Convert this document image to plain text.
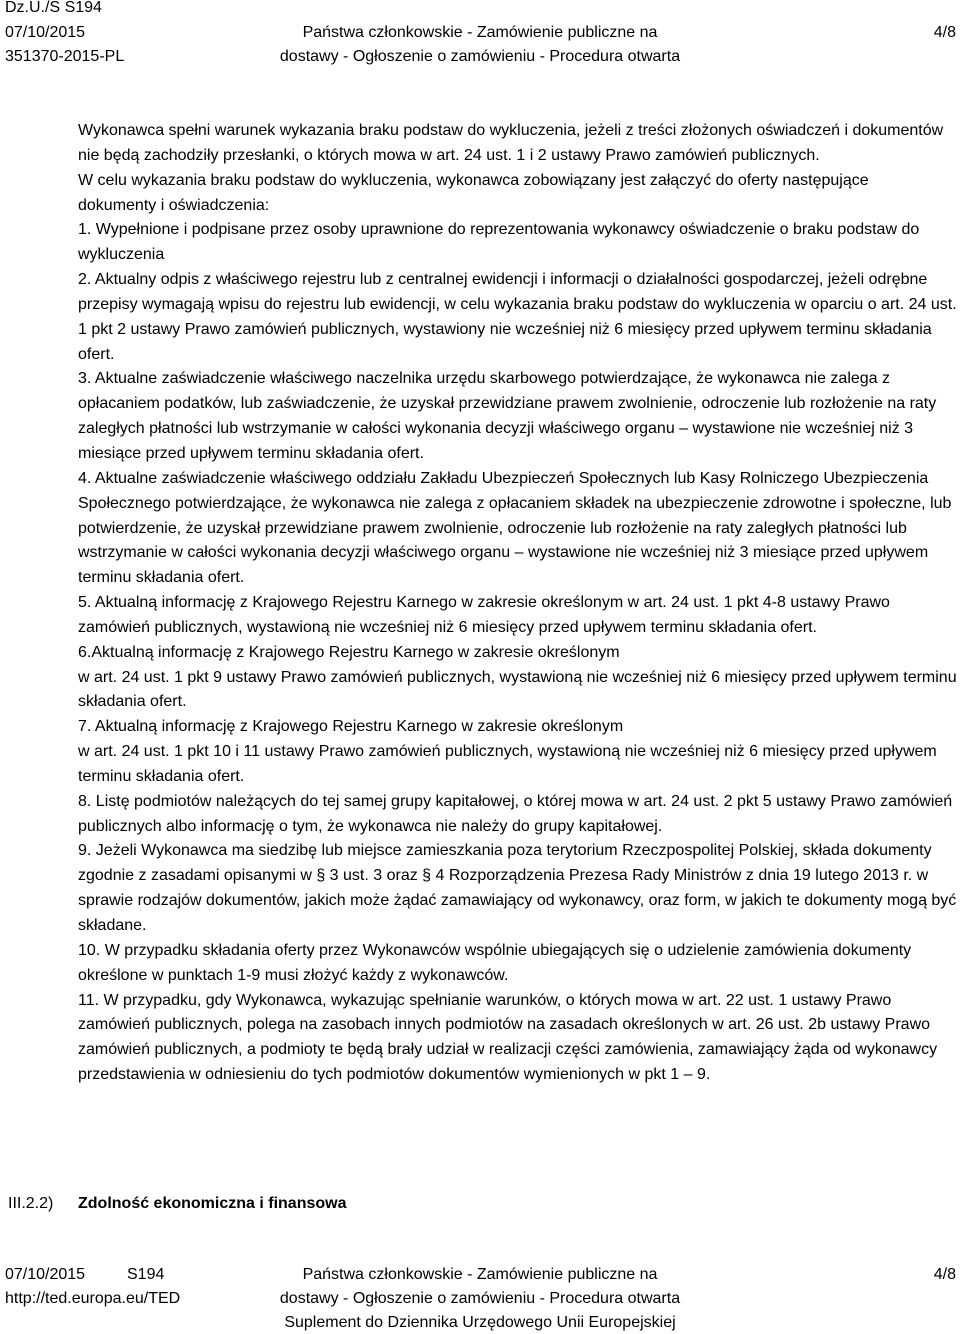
Dz.U./S S194
07/10/2015
351370-2015-PL
Państwa członkowskie - Zamówienie publiczne na
dostawy - Ogłoszenie o zamówieniu - Procedura otwarta
4/8
Wykonawca spełni warunek wykazania braku podstaw do wykluczenia, jeżeli z treści złożonych oświadczeń i dokumentów nie będą zachodziły przesłanki, o których mowa w art. 24 ust. 1 i 2 ustawy Prawo zamówień publicznych.
W celu wykazania braku podstaw do wykluczenia, wykonawca zobowiązany jest załączyć do oferty następujące
dokumenty i oświadczenia:
1. Wypełnione i podpisane przez osoby uprawnione do reprezentowania wykonawcy oświadczenie o braku podstaw do wykluczenia
2. Aktualny odpis z właściwego rejestru lub z centralnej ewidencji i informacji o działalności gospodarczej, jeżeli odrębne przepisy wymagają wpisu do rejestru lub ewidencji, w celu wykazania braku podstaw do wykluczenia w oparciu o art. 24 ust. 1 pkt 2 ustawy Prawo zamówień publicznych, wystawiony nie wcześniej niż 6 miesięcy przed upływem terminu składania ofert.
3. Aktualne zaświadczenie właściwego naczelnika urzędu skarbowego potwierdzające, że wykonawca nie zalega z opłacaniem podatków, lub zaświadczenie, że uzyskał przewidziane prawem zwolnienie, odroczenie lub rozłożenie na raty zaległych płatności lub wstrzymanie w całości wykonania decyzji właściwego organu – wystawione nie wcześniej niż 3 miesiące przed upływem terminu składania ofert.
4. Aktualne zaświadczenie właściwego oddziału Zakładu Ubezpieczeń Społecznych lub Kasy Rolniczego Ubezpieczenia Społecznego potwierdzające, że wykonawca nie zalega z opłacaniem składek na ubezpieczenie zdrowotne i społeczne, lub potwierdzenie, że uzyskał przewidziane prawem zwolnienie, odroczenie lub rozłożenie na raty zaległych płatności lub wstrzymanie w całości wykonania decyzji właściwego organu – wystawione nie wcześniej niż 3 miesiące przed upływem terminu składania ofert.
5. Aktualną informację z Krajowego Rejestru Karnego w zakresie określonym w art. 24 ust. 1 pkt 4-8 ustawy Prawo zamówień publicznych, wystawioną nie wcześniej niż 6 miesięcy przed upływem terminu składania ofert.
6.Aktualną informację z Krajowego Rejestru Karnego w zakresie określonym
w art. 24 ust. 1 pkt 9 ustawy Prawo zamówień publicznych, wystawioną nie wcześniej niż 6 miesięcy przed upływem terminu składania ofert.
7. Aktualną informację z Krajowego Rejestru Karnego w zakresie określonym
w art. 24 ust. 1 pkt 10 i 11 ustawy Prawo zamówień publicznych, wystawioną nie wcześniej niż 6 miesięcy przed upływem terminu składania ofert.
8. Listę podmiotów należących do tej samej grupy kapitałowej, o której mowa w art. 24 ust. 2 pkt 5 ustawy Prawo zamówień publicznych albo informację o tym, że wykonawca nie należy do grupy kapitałowej.
9. Jeżeli Wykonawca ma siedzibę lub miejsce zamieszkania poza terytorium Rzeczpospolitej Polskiej, składa dokumenty zgodnie z zasadami opisanymi w § 3 ust. 3 oraz § 4 Rozporządzenia Prezesa Rady Ministrów z dnia 19 lutego 2013 r. w sprawie rodzajów dokumentów, jakich może żądać zamawiający od wykonawcy, oraz form, w jakich te dokumenty mogą być składane.
10. W przypadku składania oferty przez Wykonawców wspólnie ubiegających się o udzielenie zamówienia dokumenty określone w punktach 1-9 musi złożyć każdy z wykonawców.
11. W przypadku, gdy Wykonawca, wykazując spełnianie warunków, o których mowa w art. 22 ust. 1 ustawy Prawo zamówień publicznych, polega na zasobach innych podmiotów na zasadach określonych w art. 26 ust. 2b ustawy Prawo zamówień publicznych, a podmioty te będą brały udział w realizacji części zamówienia, zamawiający żąda od wykonawcy przedstawienia w odniesieniu do tych podmiotów dokumentów wymienionych w pkt 1 – 9.
III.2.2) Zdolność ekonomiczna i finansowa
07/10/2015	S194
http://ted.europa.eu/TED
Państwa członkowskie - Zamówienie publiczne na
dostawy - Ogłoszenie o zamówieniu - Procedura otwarta
Suplement do Dziennika Urzędowego Unii Europejskiej
4/8
